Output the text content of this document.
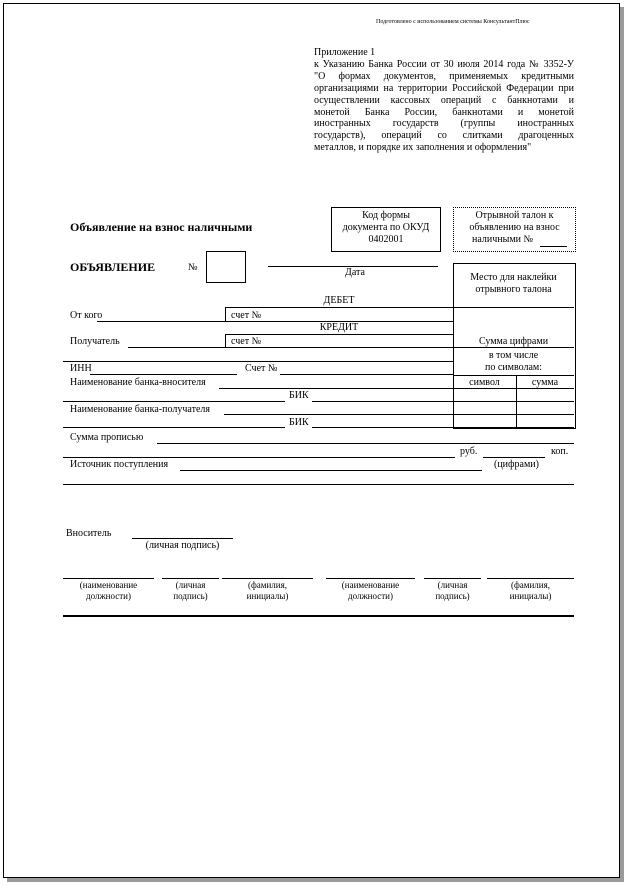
Подготовлено с использованием системы КонсультантПлюс
Приложение 1
к Указанию Банка России от 30 июля 2014 года № 3352-У
"О формах документов, применяемых кредитными
организациями на территории Российской Федерации при
осуществлении кассовых операций с банкнотами и
монетой Банка России, банкнотами и монетой
иностранных государств (группы иностранных
государств), операций со слитками драгоценных
металлов, и порядке их заполнения и оформления"
Объявление на взнос наличными
Код формы
документа по ОКУД
0402001
Отрывной талон к
объявлению на взнос
наличными №
ОБЪЯВЛЕНИЕ	№	Дата	Место для наклейки
отрывного талона
Сумма цифрами
в том числе
по символам:
символ	сумма
ДЕБЕТ
От кого	счет №
КРЕДИТ
Получатель	счет №
ИНН	Счет №
Наименование банка-вносителя
БИК
Наименование банка-получателя
БИК
Сумма прописью
руб.	коп.
Источник поступления	(цифрами)
Вноситель
(личная подпись)
(наименование
должности)
(личная
подпись)
(фамилия,
инициалы)
(наименование
должности)
(личная
подпись)
(фамилия,
инициалы)
